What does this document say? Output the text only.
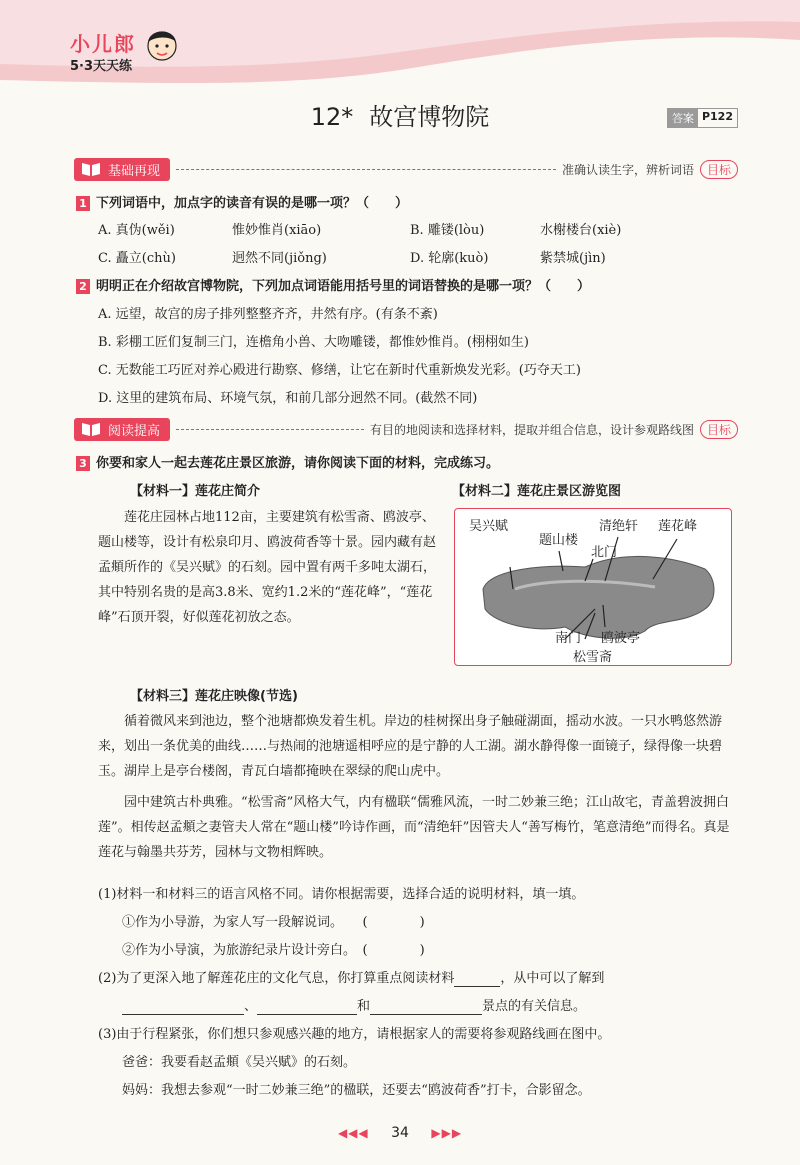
小儿郎
5·3天天练
12* 故宫博物院	答案 P122
基础再现	准确认读生字，辨析词语	目标
1 下列词语中，加点字的读音有误的是哪一项？（　　）
A. 真伪(wěi)	惟妙惟肖(xiāo)	B. 雕镂(lòu)	水榭楼台(xiè)
C. 矗立(chù)	迥然不同(jiǒng)	D. 轮廓(kuò)	紫禁城(jìn)
2 明明正在介绍故宫博物院，下列加点词语能用括号里的词语替换的是哪一项？（　　）
A. 远望，故宫的房子排列整整齐齐，井然有序。(有条不紊)
B. 彩棚工匠们复制三门，连檐角小兽、大吻雕镂，都惟妙惟肖。(栩栩如生)
C. 无数能工巧匠对养心殿进行勘察、修缮，让它在新时代重新焕发光彩。(巧夺天工)
D. 这里的建筑布局、环境气氛，和前几部分迥然不同。(截然不同)
阅读提高	有目的地阅读和选择材料，提取并组合信息，设计参观路线图	目标
3 你要和家人一起去莲花庄景区旅游，请你阅读下面的材料，完成练习。
【材料一】莲花庄简介

莲花庄园林占地112亩，主要建筑有松雪斋、鸥波亭、题山楼等，设计有松泉印月、鸥波荷香等十景。园内藏有赵孟頫所作的《吴兴赋》的石刻。园中置有两千多吨太湖石，其中特别名贵的是高3.8米、宽约1.2米的“莲花峰”，“莲花峰”石顶开裂，好似莲花初放之态。

【材料二】莲花庄景区游览图
吴兴赋
题山楼
清绝轩 莲花峰
北门
南门 鸥波亭
松雪斋
【材料三】莲花庄映像(节选)

循着微风来到池边，整个池塘都焕发着生机。岸边的桂树探出身子触碰湖面，摇动水波。一只水鸭悠然游来，划出一条优美的曲线……与热闹的池塘遥相呼应的是宁静的人工湖。湖水静得像一面镜子，绿得像一块碧玉。湖岸上是亭台楼阁，青瓦白墙都掩映在翠绿的爬山虎中。

园中建筑古朴典雅。“松雪斋”风格大气，内有楹联“儒雅风流，一时二妙兼三绝；江山故宅，青盖碧波拥白莲”。相传赵孟頫之妻管夫人常在“题山楼”吟诗作画，而“清绝轩”因管夫人“善写梅竹，笔意清绝”而得名。真是莲花与翰墨共芬芳，园林与文物相辉映。

(1)材料一和材料三的语言风格不同。请你根据需要，选择合适的说明材料，填一填。
①作为小导游，为家人写一段解说词。　　(　　　　)
②作为小导演，为旅游纪录片设计旁白。　(　　　　)
(2)为了更深入地了解莲花庄的文化气息，你打算重点阅读材料	，从中可以了解到
、	和	景点的有关信息。
(3)由于行程紧张，你们想只参观感兴趣的地方，请根据家人的需要将参观路线画在图中。
爸爸：我要看赵孟頫《吴兴赋》的石刻。
妈妈：我想去参观“一时二妙兼三绝”的楹联，还要去“鸥波荷香”打卡，合影留念。
◀◀◀ 34 ▶▶▶
